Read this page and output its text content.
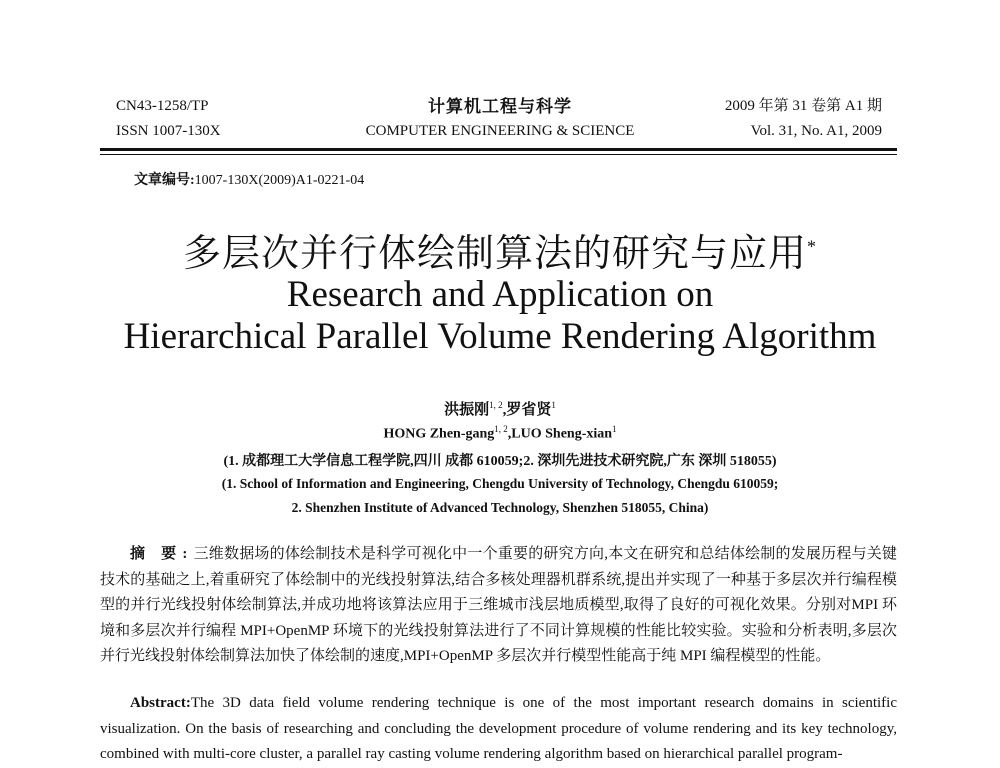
CN43-1258/TP
ISSN 1007-130X
计算机工程与科学
COMPUTER ENGINEERING & SCIENCE
2009 年第 31 卷第 A1 期
Vol. 31, No. A1, 2009
文章编号:1007-130X(2009)A1-0221-04
多层次并行体绘制算法的研究与应用*
Research and Application on
Hierarchical Parallel Volume Rendering Algorithm
洪振刚$^{1, 2}$,罗省贤$^1$
HONG Zhen-gang$^{1, 2}$,LUO Sheng-xian$^1$
(1. 成都理工大学信息工程学院,四川 成都 610059;2. 深圳先进技术研究院,广东 深圳 518055)
(1. School of Information and Engineering, Chengdu University of Technology, Chengdu 610059;
2. Shenzhen Institute of Advanced Technology, Shenzhen 518055, China)

摘 要:三维数据场的体绘制技术是科学可视化中一个重要的研究方向,本文在研究和总结体绘制的发展历程与关键技术的基础之上,着重研究了体绘制中的光线投射算法,结合多核处理器机群系统,提出并实现了一种基于多层次并行编程模型的并行光线投射体绘制算法,并成功地将该算法应用于三维城市浅层地质模型,取得了良好的可视化效果。分别对MPI 环境和多层次并行编程 MPI+OpenMP 环境下的光线投射算法进行了不同计算规模的性能比较实验。实验和分析表明,多层次并行光线投射体绘制算法加快了体绘制的速度,MPI+OpenMP 多层次并行模型性能高于纯 MPI 编程模型的性能。

Abstract:The 3D data field volume rendering technique is one of the most important research domains in scientific visualization. On the basis of researching and concluding the development procedure of volume rendering and its key technology, combined with multi-core cluster, a parallel ray casting volume rendering algorithm based on hierarchical parallel program-
